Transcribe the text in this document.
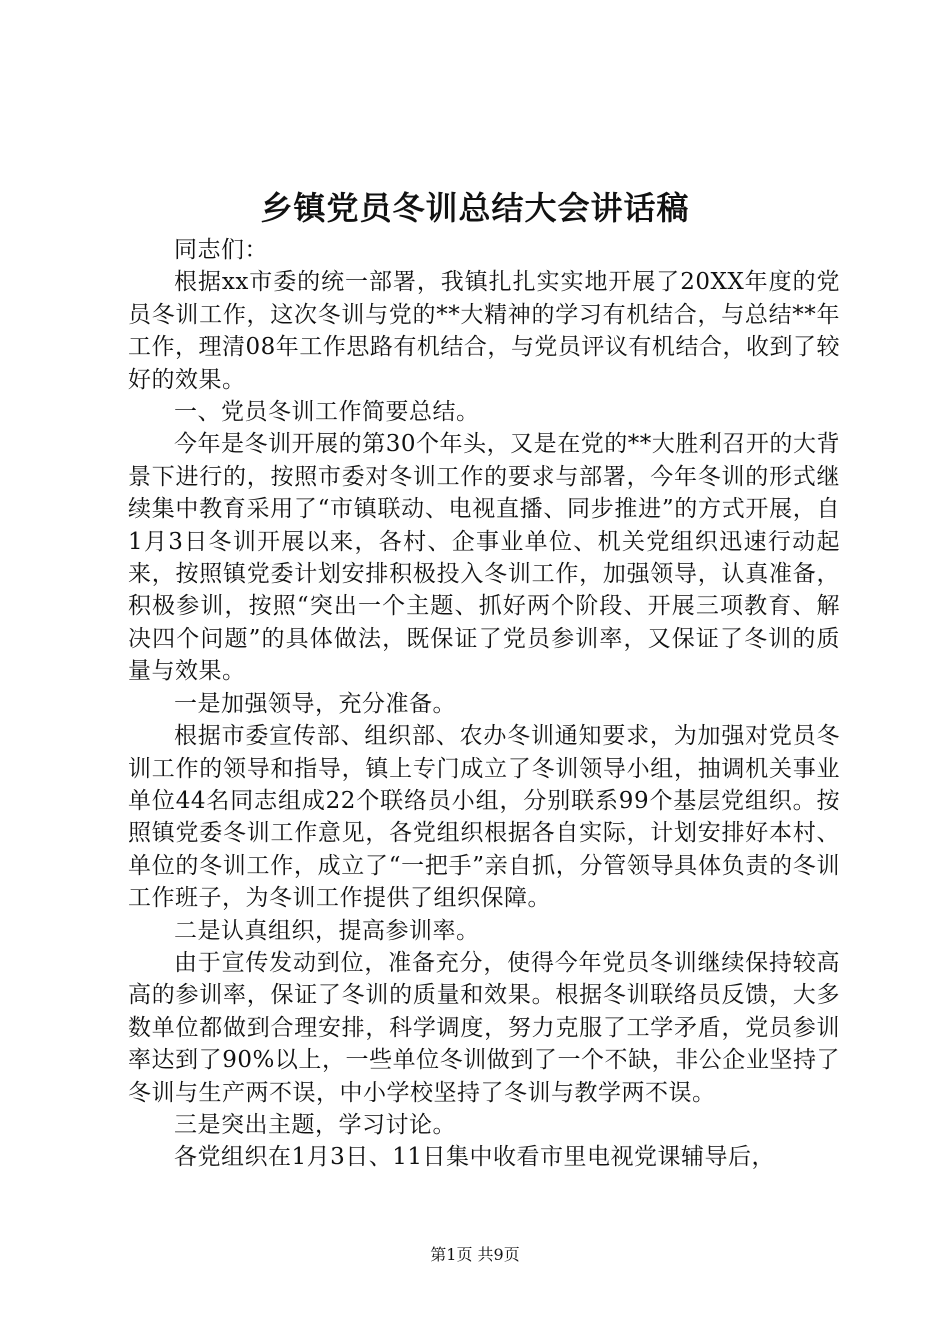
乡镇党员冬训总结大会讲话稿

同志们：

根据xx市委的统一部署，我镇扎扎实实地开展了20XX年度的党员冬训工作，这次冬训与党的**大精神的学习有机结合，与总结**年工作，理清08年工作思路有机结合，与党员评议有机结合，收到了较好的效果。

一、党员冬训工作简要总结。

今年是冬训开展的第30个年头，又是在党的**大胜利召开的大背景下进行的，按照市委对冬训工作的要求与部署，今年冬训的形式继续集中教育采用了“市镇联动、电视直播、同步推进”的方式开展，自1月3日冬训开展以来，各村、企事业单位、机关党组织迅速行动起来，按照镇党委计划安排积极投入冬训工作，加强领导，认真准备，积极参训，按照“突出一个主题、抓好两个阶段、开展三项教育、解决四个问题”的具体做法，既保证了党员参训率，又保证了冬训的质量与效果。

一是加强领导，充分准备。

根据市委宣传部、组织部、农办冬训通知要求，为加强对党员冬训工作的领导和指导，镇上专门成立了冬训领导小组，抽调机关事业单位44名同志组成22个联络员小组，分别联系99个基层党组织。按照镇党委冬训工作意见，各党组织根据各自实际，计划安排好本村、单位的冬训工作，成立了“一把手”亲自抓，分管领导具体负责的冬训工作班子，为冬训工作提供了组织保障。

二是认真组织，提高参训率。

由于宣传发动到位，准备充分，使得今年党员冬训继续保持较高高的参训率，保证了冬训的质量和效果。根据冬训联络员反馈，大多数单位都做到合理安排，科学调度，努力克服了工学矛盾，党员参训率达到了90%以上，一些单位冬训做到了一个不缺，非公企业坚持了冬训与生产两不误，中小学校坚持了冬训与教学两不误。

三是突出主题，学习讨论。

各党组织在1月3日、11日集中收看市里电视党课辅导后，

第1页 共9页
